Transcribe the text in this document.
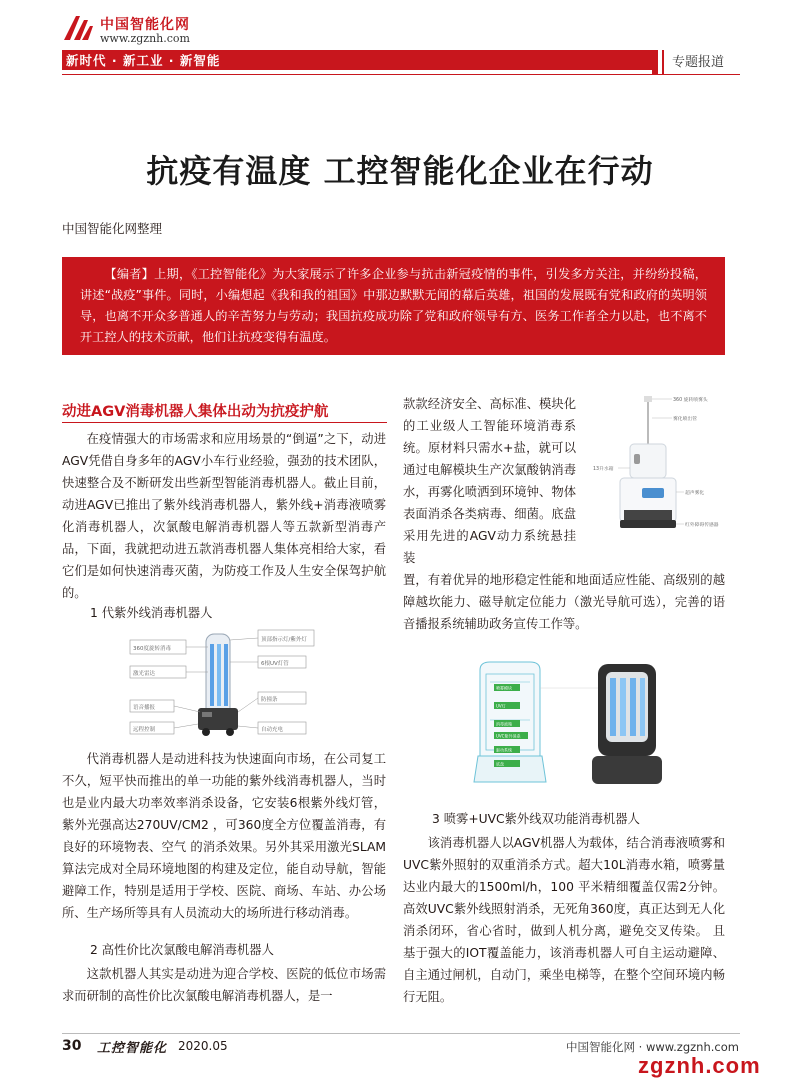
中国智能化网
www.zgznh.com
新时代 · 新工业 · 新智能	专题报道
抗疫有温度 工控智能化企业在行动
中国智能化网整理

【编者】上期，《工控智能化》为大家展示了许多企业参与抗击新冠疫情的事件，引发多方关注，并纷纷投稿，讲述“战疫”事件。同时，小编想起《我和我的祖国》中那边默默无闻的幕后英雄，祖国的发展既有党和政府的英明领导，也离不开众多普通人的辛苦努力与劳动；我国抗疫成功除了党和政府领导有方、医务工作者全力以赴，也不离不开工控人的技术贡献，他们让抗疫变得有温度。

动进AGV消毒机器人集体出动为抗疫护航

在疫情强大的市场需求和应用场景的“倒逼”之下，动进AGV凭借自身多年的AGV小车行业经验，强劲的技术团队，快速整合及不断研发出些新型智能消毒机器人。截止目前，动进AGV已推出了紫外线消毒机器人，紫外线+消毒液喷雾化消毒机器人，次氯酸电解消毒机器人等五款新型消毒产品，下面，我就把动进五款消毒机器人集体亮相给大家，看它们是如何快速消毒灭菌，为防疫工作及人生安全保驾护航的。

1 代紫外线消毒机器人
360度旋转消毒
激光雷达
语音播报
远程控制
顶部指示灯/紫外灯
6根UV灯管
防撞条
自动充电

代消毒机器人是动进科技为快速面向市场，在公司复工不久，短平快而推出的单一功能的紫外线消毒机器人，当时也是业内最大功率效率消杀设备，它安装6根紫外线灯管，紫外光强高达270UV/CM2 ，可360度全方位覆盖消毒，有良好的环境物表、空气 的消杀效果。另外其采用激光SLAM算法完成对全局环境地图的构建及定位，能自动导航，智能避障工作，特别是适用于学校、医院、商场、车站、办公场所、生产场所等具有人员流动大的场所进行移动消毒。

2 高性价比次氯酸电解消毒机器人

这款机器人其实是动进为迎合学校、医院的低位市场需求而研制的高性价比次氯酸电解消毒机器人，是一

款款经济安全、高标准、模块化的工业级人工智能环境消毒系统。原材料只需水+盐，就可以通过电解模块生产次氯酸钠消毒水，再雾化喷洒到环境钟、物体表面消杀各类病毒、细菌。底盘采用先进的AGV动力系统悬挂装

360 旋转喷雾头
雾化喷出管
13升水箱
超声雾化
红外障碍传感器

置，有着优异的地形稳定性能和地面适应性能、高级别的越障越坎能力、磁导航定位能力（激光导航可选），完善的语音播报系统辅助政务宣传工作等。

喷雾模块
UV灯
消毒液箱
UVC紫外消杀
驱动系统
底盘
3 喷雾+UVC紫外线双功能消毒机器人

该消毒机器人以AGV机器人为载体，结合消毒液喷雾和UVC紫外照射的双重消杀方式。超大10L消毒水箱，喷雾量达业内最大的1500ml/h，100 平米精细覆盖仅需2分钟。高效UVC紫外线照射消杀，无死角360度，真正达到无人化消杀闭环，省心省时，做到人机分离，避免交叉传染。 且基于强大的IOT覆盖能力，该消毒机器人可自主运动避障、自主通过闸机，自动门，乘坐电梯等，在整个空间环境内畅行无阻。

30 工控智能化 2020.05	中国智能化网 · www.zgznh.com
zgznh.com
